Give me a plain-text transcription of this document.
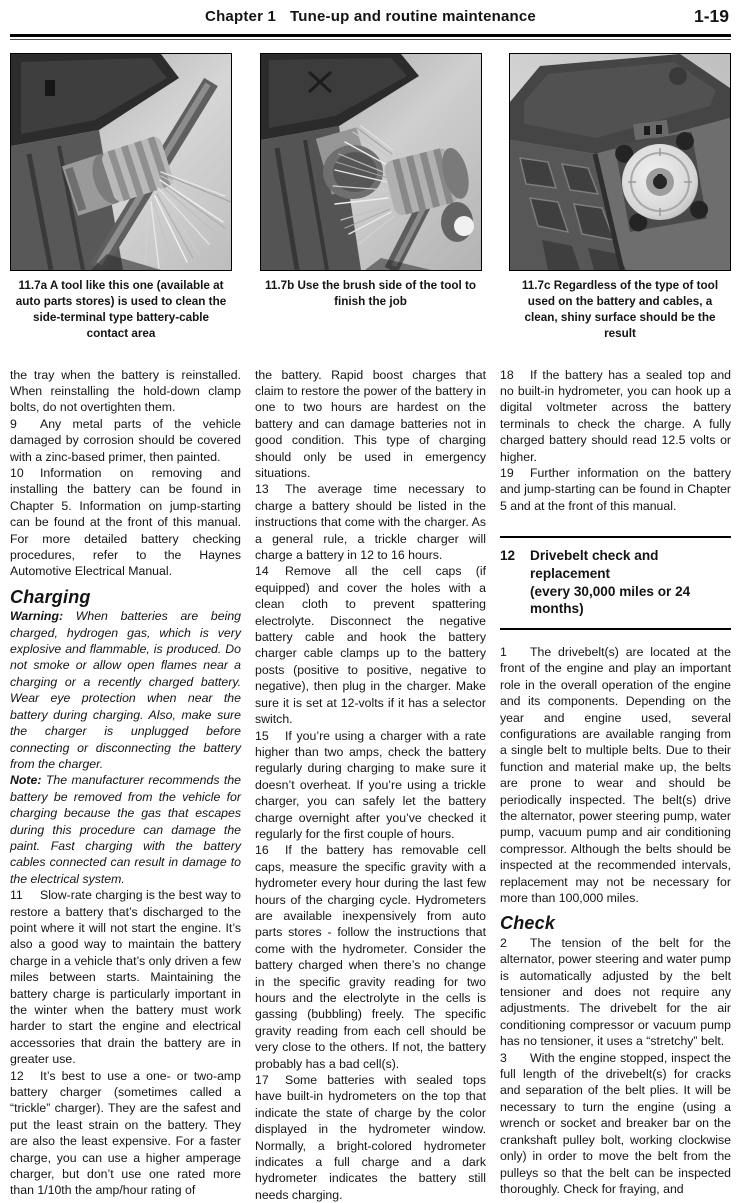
Chapter 1 Tune-up and routine maintenance	1-19
11.7a A tool like this one (available at auto parts stores) is used to clean the side-terminal type battery-cable contact area
11.7b Use the brush side of the tool to finish the job
11.7c Regardless of the type of tool used on the battery and cables, a clean, shiny surface should be the result

the tray when the battery is reinstalled. When reinstalling the hold-down clamp bolts, do not overtighten them.

9 Any metal parts of the vehicle damaged by corrosion should be covered with a zinc-based primer, then painted.

10 Information on removing and installing the battery can be found in Chapter 5. Information on jump-starting can be found at the front of this manual. For more detailed battery checking procedures, refer to the Haynes Automotive Electrical Manual.

Charging

Warning: When batteries are being charged, hydrogen gas, which is very explosive and flammable, is produced. Do not smoke or allow open flames near a charging or a recently charged battery. Wear eye protection when near the battery during charging. Also, make sure the charger is unplugged before connecting or disconnecting the battery from the charger.

Note: The manufacturer recommends the battery be removed from the vehicle for charging because the gas that escapes during this procedure can damage the paint. Fast charging with the battery cables connected can result in damage to the electrical system.

11 Slow-rate charging is the best way to restore a battery that’s discharged to the point where it will not start the engine. It’s also a good way to maintain the battery charge in a vehicle that’s only driven a few miles between starts. Maintaining the battery charge is particularly important in the winter when the battery must work harder to start the engine and electrical accessories that drain the battery are in greater use.

12 It’s best to use a one- or two-amp battery charger (sometimes called a “trickle” charger). They are the safest and put the least strain on the battery. They are also the least expensive. For a faster charge, you can use a higher amperage charger, but don’t use one rated more than 1/10th the amp/hour rating of

the battery. Rapid boost charges that claim to restore the power of the battery in one to two hours are hardest on the battery and can damage batteries not in good condition. This type of charging should only be used in emergency situations.

13 The average time necessary to charge a battery should be listed in the instructions that come with the charger. As a general rule, a trickle charger will charge a battery in 12 to 16 hours.

14 Remove all the cell caps (if equipped) and cover the holes with a clean cloth to prevent spattering electrolyte. Disconnect the negative battery cable and hook the battery charger cable clamps up to the battery posts (positive to positive, negative to negative), then plug in the charger. Make sure it is set at 12-volts if it has a selector switch.

15 If you’re using a charger with a rate higher than two amps, check the battery regularly during charging to make sure it doesn’t overheat. If you’re using a trickle charger, you can safely let the battery charge overnight after you’ve checked it regularly for the first couple of hours.

16 If the battery has removable cell caps, measure the specific gravity with a hydrometer every hour during the last few hours of the charging cycle. Hydrometers are available inexpensively from auto parts stores - follow the instructions that come with the hydrometer. Consider the battery charged when there’s no change in the specific gravity reading for two hours and the electrolyte in the cells is gassing (bubbling) freely. The specific gravity reading from each cell should be very close to the others. If not, the battery probably has a bad cell(s).

17 Some batteries with sealed tops have built-in hydrometers on the top that indicate the state of charge by the color displayed in the hydrometer window. Normally, a bright-colored hydrometer indicates a full charge and a dark hydrometer indicates the battery still needs charging.

18 If the battery has a sealed top and no built-in hydrometer, you can hook up a digital voltmeter across the battery terminals to check the charge. A fully charged battery should read 12.5 volts or higher.

19 Further information on the battery and jump-starting can be found in Chapter 5 and at the front of this manual.

12	Drivebelt check and replacement
(every 30,000 miles or 24 months)

1 The drivebelt(s) are located at the front of the engine and play an important role in the overall operation of the engine and its components. Depending on the year and engine used, several configurations are available ranging from a single belt to multiple belts. Due to their function and material make up, the belts are prone to wear and should be periodically inspected. The belt(s) drive the alternator, power steering pump, water pump, vacuum pump and air conditioning compressor. Although the belts should be inspected at the recommended intervals, replacement may not be necessary for more than 100,000 miles.

Check

2 The tension of the belt for the alternator, power steering and water pump is automatically adjusted by the belt tensioner and does not require any adjustments. The drivebelt for the air conditioning compressor or vacuum pump has no tensioner, it uses a “stretchy” belt.

3 With the engine stopped, inspect the full length of the drivebelt(s) for cracks and separation of the belt plies. It will be necessary to turn the engine (using a wrench or socket and breaker bar on the crankshaft pulley bolt, working clockwise only) in order to move the belt from the pulleys so that the belt can be inspected thoroughly. Check for fraying, and
